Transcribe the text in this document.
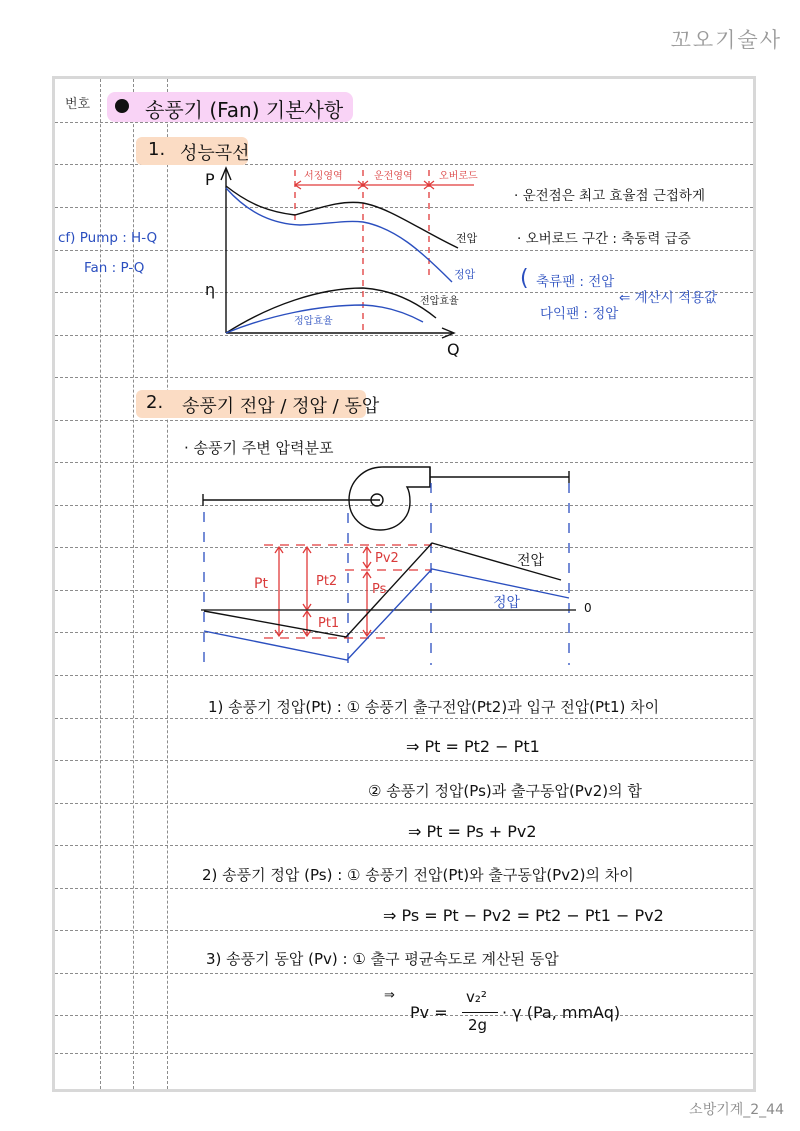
꼬오기술사
번호	송풍기 (Fan) 기본사항
1. 성능곡선
cf) Pump : H-Q
Fan : P-Q
P
η
Q
서징영역	운전영역	오버로드
전압
정압
전압효율
정압효율
· 운전점은 최고 효율점 근접하게
· 오버로드 구간 : 축동력 급증
( 축류팬 : 전압
다익팬 : 정압
⇐ 계산시 적용값
2. 송풍기 전압 / 정압 / 동압
· 송풍기 주변 압력분포
Pt	Pt2
Pt1
Pv2
Ps
전압
정압	0
1) 송풍기 정압(Pt) : ① 송풍기 출구전압(Pt2)과 입구 전압(Pt1) 차이
⇒ Pt = Pt2 − Pt1
② 송풍기 정압(Ps)과 출구동압(Pv2)의 합
⇒ Pt = Ps + Pv2
2) 송풍기 정압 (Ps) : ① 송풍기 전압(Pt)와 출구동압(Pv2)의 차이
⇒ Ps = Pt − Pv2 = Pt2 − Pt1 − Pv2
3) 송풍기 동압 (Pv) : ① 출구 평균속도로 계산된 동압
⇒
Pv =
v₂²
2g
· γ (Pa, mmAq)
소방기계_2_44
